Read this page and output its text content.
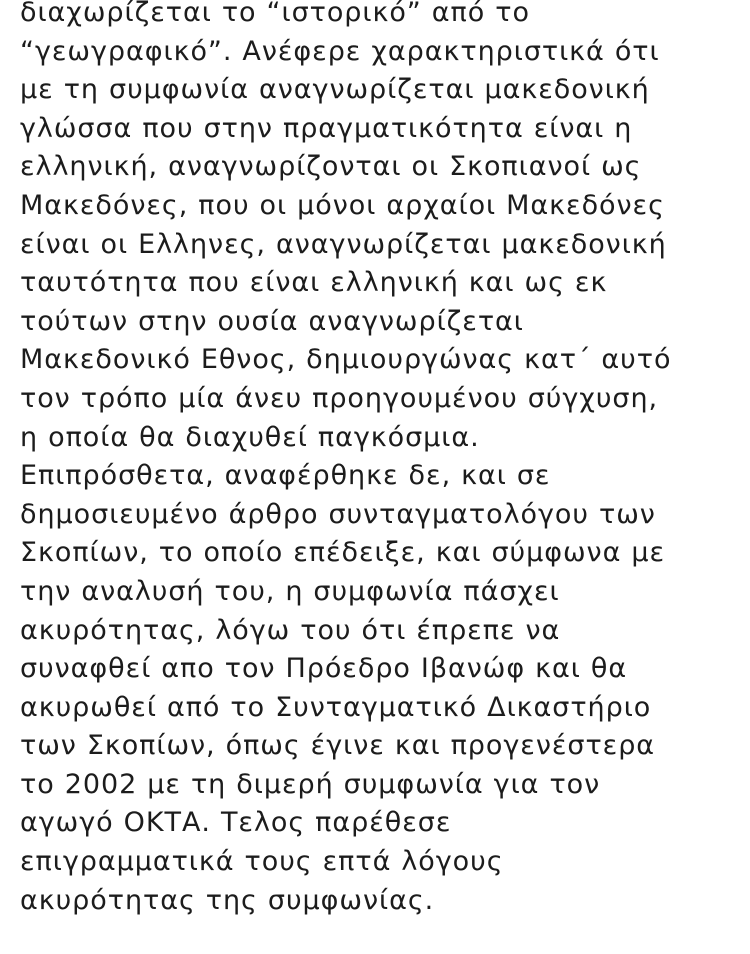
διαχωρίζεται το “ιστορικό” από το
“γεωγραφικό”. Ανέφερε χαρακτηριστικά ότι
με τη συμφωνία αναγνωρίζεται μακεδονική
γλώσσα που στην πραγματικότητα είναι η
ελληνική, αναγνωρίζονται οι Σκοπιανοί ως
Μακεδόνες, που οι μόνοι αρχαίοι Μακεδόνες
είναι οι Ελληνες, αναγνωρίζεται μακεδονική
ταυτότητα που είναι ελληνική και ως εκ
τούτων στην ουσία αναγνωρίζεται
Μακεδονικό Εθνος, δημιουργώνας κατ΄ αυτό
τον τρόπο μία άνευ προηγουμένου σύγχυση,
η οποία θα διαχυθεί παγκόσμια.
Επιπρόσθετα, αναφέρθηκε δε, και σε
δημοσιευμένο άρθρο συνταγματολόγου των
Σκοπίων, το οποίο επέδειξε, και σύμφωνα με
την αναλυσή του, η συμφωνία πάσχει
ακυρότητας, λόγω του ότι έπρεπε να
συναφθεί απο τον Πρόεδρο Ιβανώφ και θα
ακυρωθεί από το Συνταγματικό Δικαστήριο
των Σκοπίων, όπως έγινε και προγενέστερα
το 2002 με τη διμερή συμφωνία για τον
αγωγό ΟΚΤΑ. Τελος παρέθεσε
επιγραμματικά τους επτά λόγους
ακυρότητας της συμφωνίας.
